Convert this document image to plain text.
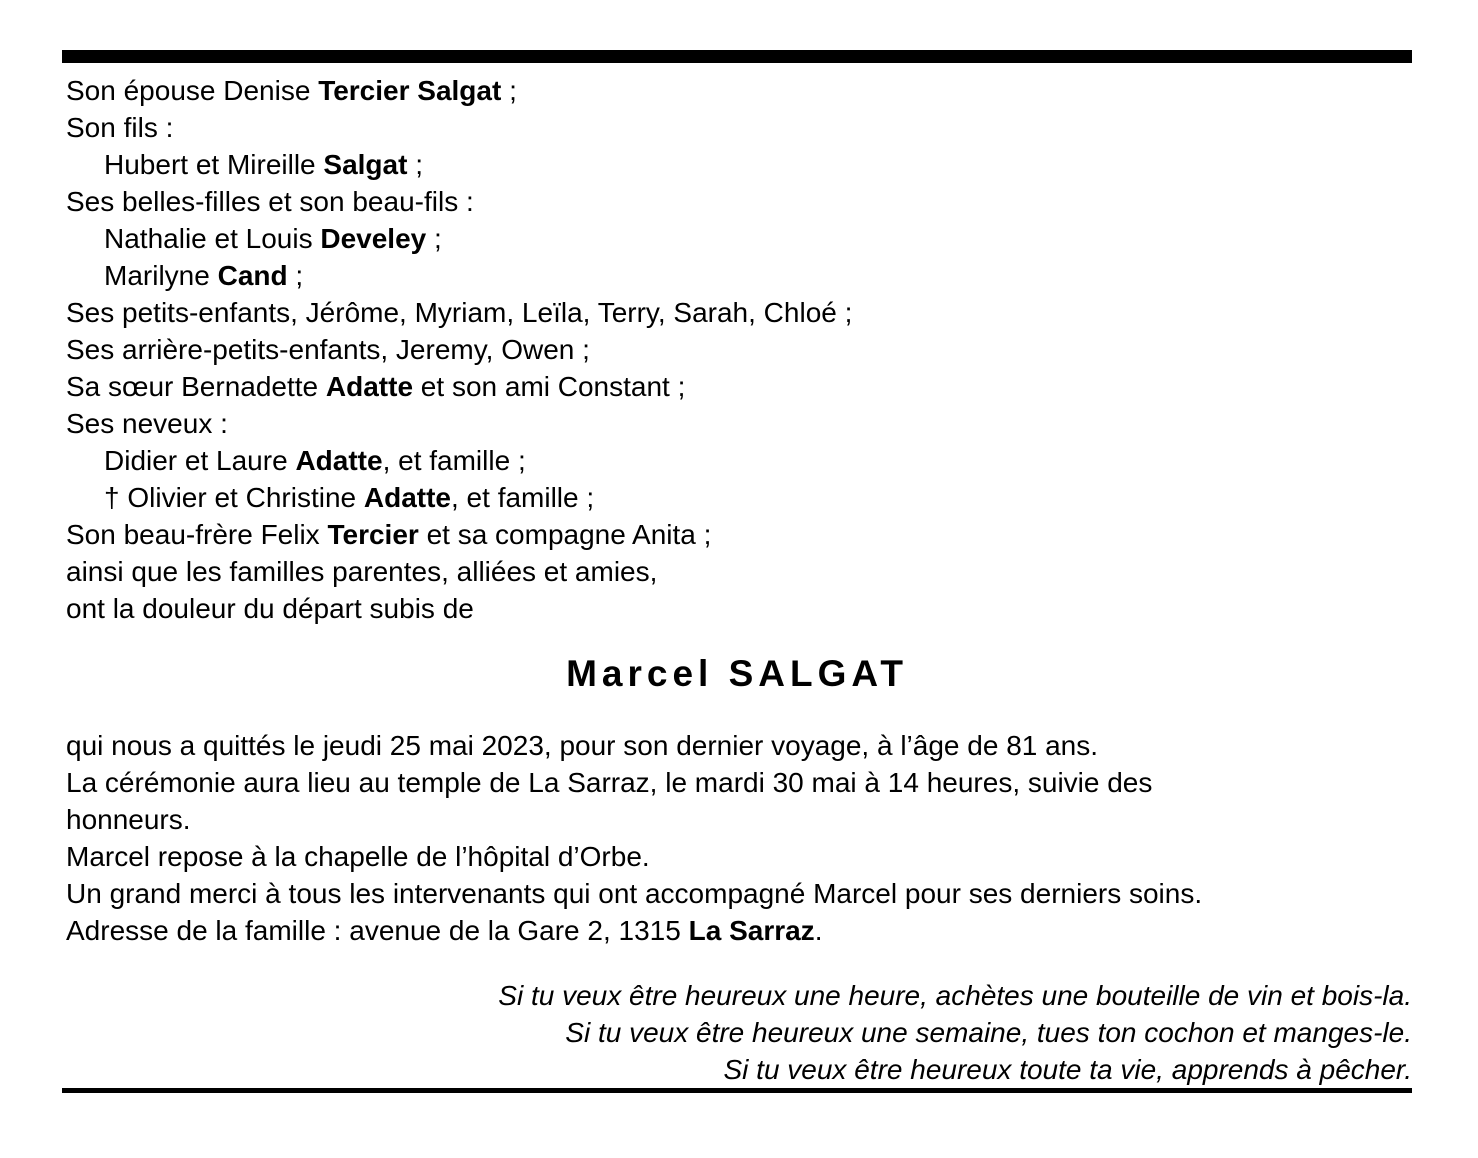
Son épouse Denise Tercier Salgat ;
Son fils :
Hubert et Mireille Salgat ;
Ses belles-filles et son beau-fils :
Nathalie et Louis Develey ;
Marilyne Cand ;
Ses petits-enfants, Jérôme, Myriam, Leïla, Terry, Sarah, Chloé ;
Ses arrière-petits-enfants, Jeremy, Owen ;
Sa sœur Bernadette Adatte et son ami Constant ;
Ses neveux :
Didier et Laure Adatte, et famille ;
† Olivier et Christine Adatte, et famille ;
Son beau-frère Felix Tercier et sa compagne Anita ;
ainsi que les familles parentes, alliées et amies,
ont la douleur du départ subis de
Marcel SALGAT
qui nous a quittés le jeudi 25 mai 2023, pour son dernier voyage, à l’âge de 81 ans.
La cérémonie aura lieu au temple de La Sarraz, le mardi 30 mai à 14 heures, suivie des
honneurs.
Marcel repose à la chapelle de l’hôpital d’Orbe.
Un grand merci à tous les intervenants qui ont accompagné Marcel pour ses derniers soins.
Adresse de la famille : avenue de la Gare 2, 1315 La Sarraz.
Si tu veux être heureux une heure, achètes une bouteille de vin et bois-la.
Si tu veux être heureux une semaine, tues ton cochon et manges-le.
Si tu veux être heureux toute ta vie, apprends à pêcher.
